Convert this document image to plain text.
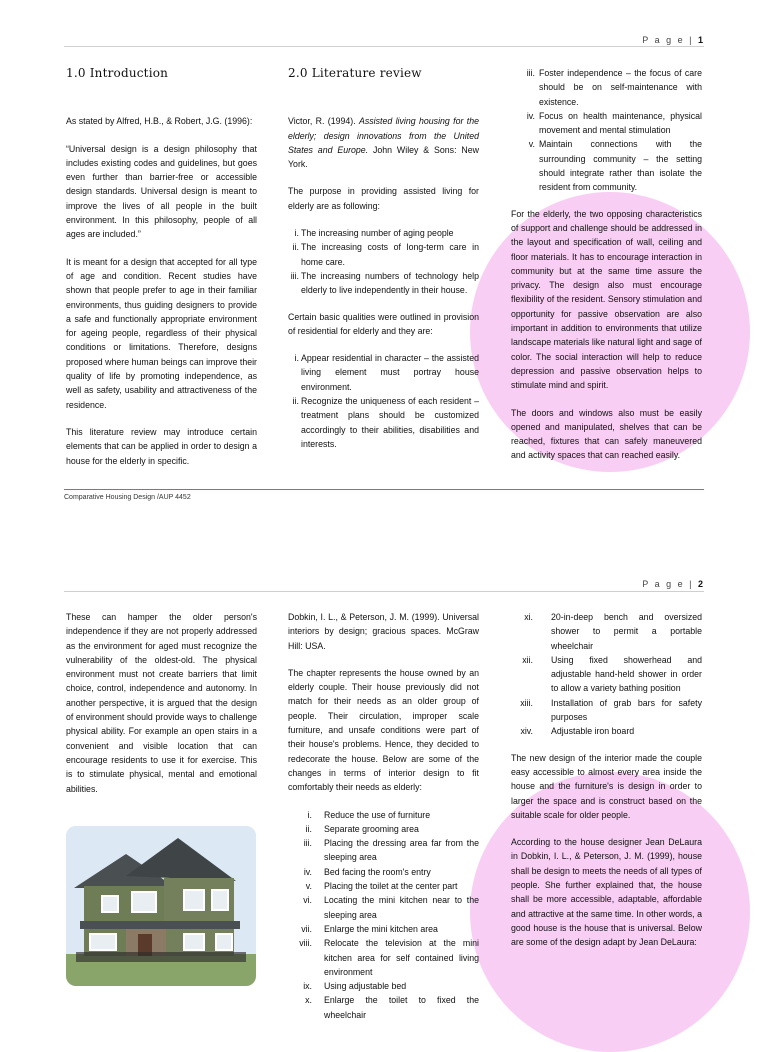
P a g e | 1
1.0 Introduction

As stated by Alfred, H.B., & Robert, J.G. (1996):

“Universal design is a design philosophy that includes existing codes and guidelines, but goes even further than barrier-free or accessible design standards. Universal design is meant to improve the lives of all people in the built environment. In this philosophy, people of all ages are included.”

It is meant for a design that accepted for all type of age and condition. Recent studies have shown that people prefer to age in their familiar environments, thus guiding designers to provide a safe and functionally appropriate environment for ageing people, regardless of their physical conditions or limitations. Therefore, designs proposed where human beings can improve their quality of life by promoting independence, as well as safety, usability and attractiveness of the residence.

This literature review may introduce certain elements that can be applied in order to design a house for the elderly in specific.

2.0 Literature review

Victor, R. (1994). Assisted living housing for the elderly; design innovations from the United States and Europe. John Wiley & Sons: New York.

The purpose in providing assisted living for elderly are as following:

i. The increasing number of aging people
ii. The increasing costs of long-term care in home care.
iii. The increasing numbers of technology help elderly to live independently in their house.

Certain basic qualities were outlined in provision of residential for elderly and they are:

i. Appear residential in character – the assisted living element must portray house environment.
ii. Recognize the uniqueness of each resident – treatment plans should be customized accordingly to their abilities, disabilities and interests.
iii. Foster independence – the focus of care should be on self-maintenance with existence.
iv. Focus on health maintenance, physical movement and mental stimulation
v. Maintain connections with the surrounding community – the setting should integrate rather than isolate the resident from community.

For the elderly, the two opposing characteristics of support and challenge should be addressed in the layout and specification of wall, ceiling and floor materials. It has to encourage interaction in community but at the same time assure the privacy. The design also must encourage flexibility of the resident. Sensory stimulation and opportunity for passive observation are also important in addition to environments that utilize landscape materials like natural light and sage of color. The social interaction will help to reduce depression and passive observation helps to stimulate mind and spirit.

The doors and windows also must be easily opened and manipulated, shelves that can be reached, fixtures that can safely maneuvered and activity spaces that can reached easily.

Comparative Housing Design /AUP 4452
P a g e | 2

These can hamper the older person's independence if they are not properly addressed as the environment for aged must recognize the vulnerability of the oldest-old. The physical environment must not create barriers that limit choice, control, independence and autonomy. In another perspective, it is argued that the design of environment should provide ways to challenge physical ability. For example an open stairs in a convenient and visible location that can encourage residents to use it for exercise. This is to stimulate physical, mental and emotional abilities.

Dobkin, I. L., & Peterson, J. M. (1999). Universal interiors by design; gracious spaces. McGraw Hill: USA.

The chapter represents the house owned by an elderly couple. Their house previously did not match for their needs as an older group of people. Their circulation, improper scale furniture, and unsafe conditions were part of their house's problems. Hence, they decided to redecorate the house. Below are some of the changes in terms of interior design to fit comfortably their needs as elderly:

i. Reduce the use of furniture
ii. Separate grooming area
iii. Placing the dressing area far from the sleeping area
iv. Bed facing the room's entry
v. Placing the toilet at the center part
vi. Locating the mini kitchen near to the sleeping area
vii. Enlarge the mini kitchen area
viii. Relocate the television at the mini kitchen area for self contained living environment
ix. Using adjustable bed
x. Enlarge the toilet to fixed the wheelchair
xi. 20-in-deep bench and oversized shower to permit a portable wheelchair
xii. Using fixed showerhead and adjustable hand-held shower in order to allow a variety bathing position
xiii. Installation of grab bars for safety purposes
xiv. Adjustable iron board

The new design of the interior made the couple easy accessible to almost every area inside the house and the furniture's is design in order to larger the space and is construct based on the suitable scale for older people.

According to the house designer Jean DeLaura in Dobkin, I. L., & Peterson, J. M. (1999), house shall be design to meets the needs of all types of people. She further explained that, the house shall be more accessible, adaptable, affordable and attractive at the same time. In other words, a good house is the house that is universal. Below are some of the design adapt by Jean DeLaura:
